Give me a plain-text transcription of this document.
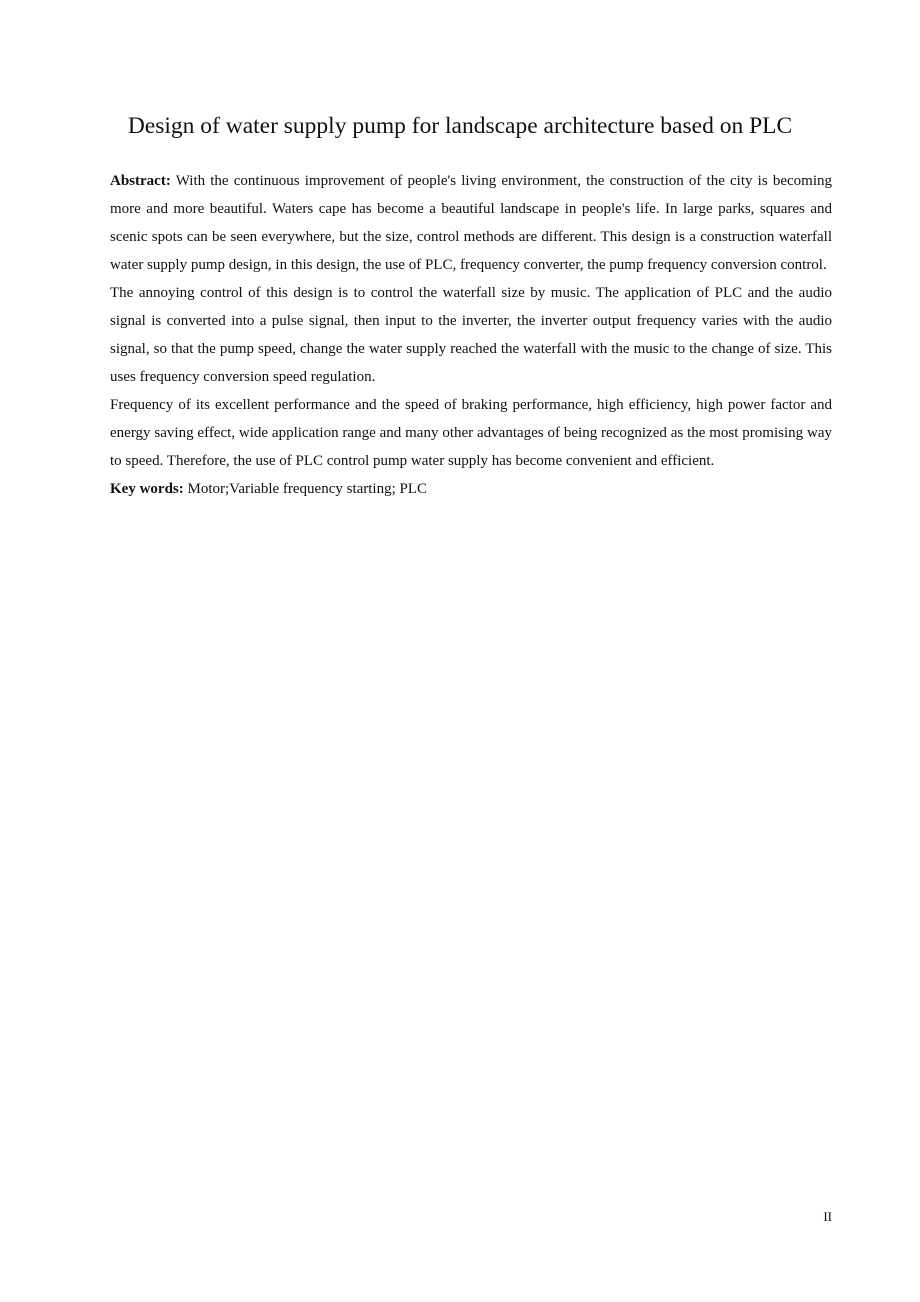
Design of water supply pump for landscape architecture based on PLC

Abstract: With the continuous improvement of people's living environment, the construction of the city is becoming more and more beautiful. Waters cape has become a beautiful landscape in people's life. In large parks, squares and scenic spots can be seen everywhere, but the size, control methods are different. This design is a construction waterfall water supply pump design, in this design, the use of PLC, frequency converter, the pump frequency conversion control.

The annoying control of this design is to control the waterfall size by music. The application of PLC and the audio signal is converted into a pulse signal, then input to the inverter, the inverter output frequency varies with the audio signal, so that the pump speed, change the water supply reached the waterfall with the music to the change of size. This uses frequency conversion speed regulation.

Frequency of its excellent performance and the speed of braking performance, high efficiency, high power factor and energy saving effect, wide application range and many other advantages of being recognized as the most promising way to speed. Therefore, the use of PLC control pump water supply has become convenient and efficient.

Key words: Motor;Variable frequency starting; PLC

II
